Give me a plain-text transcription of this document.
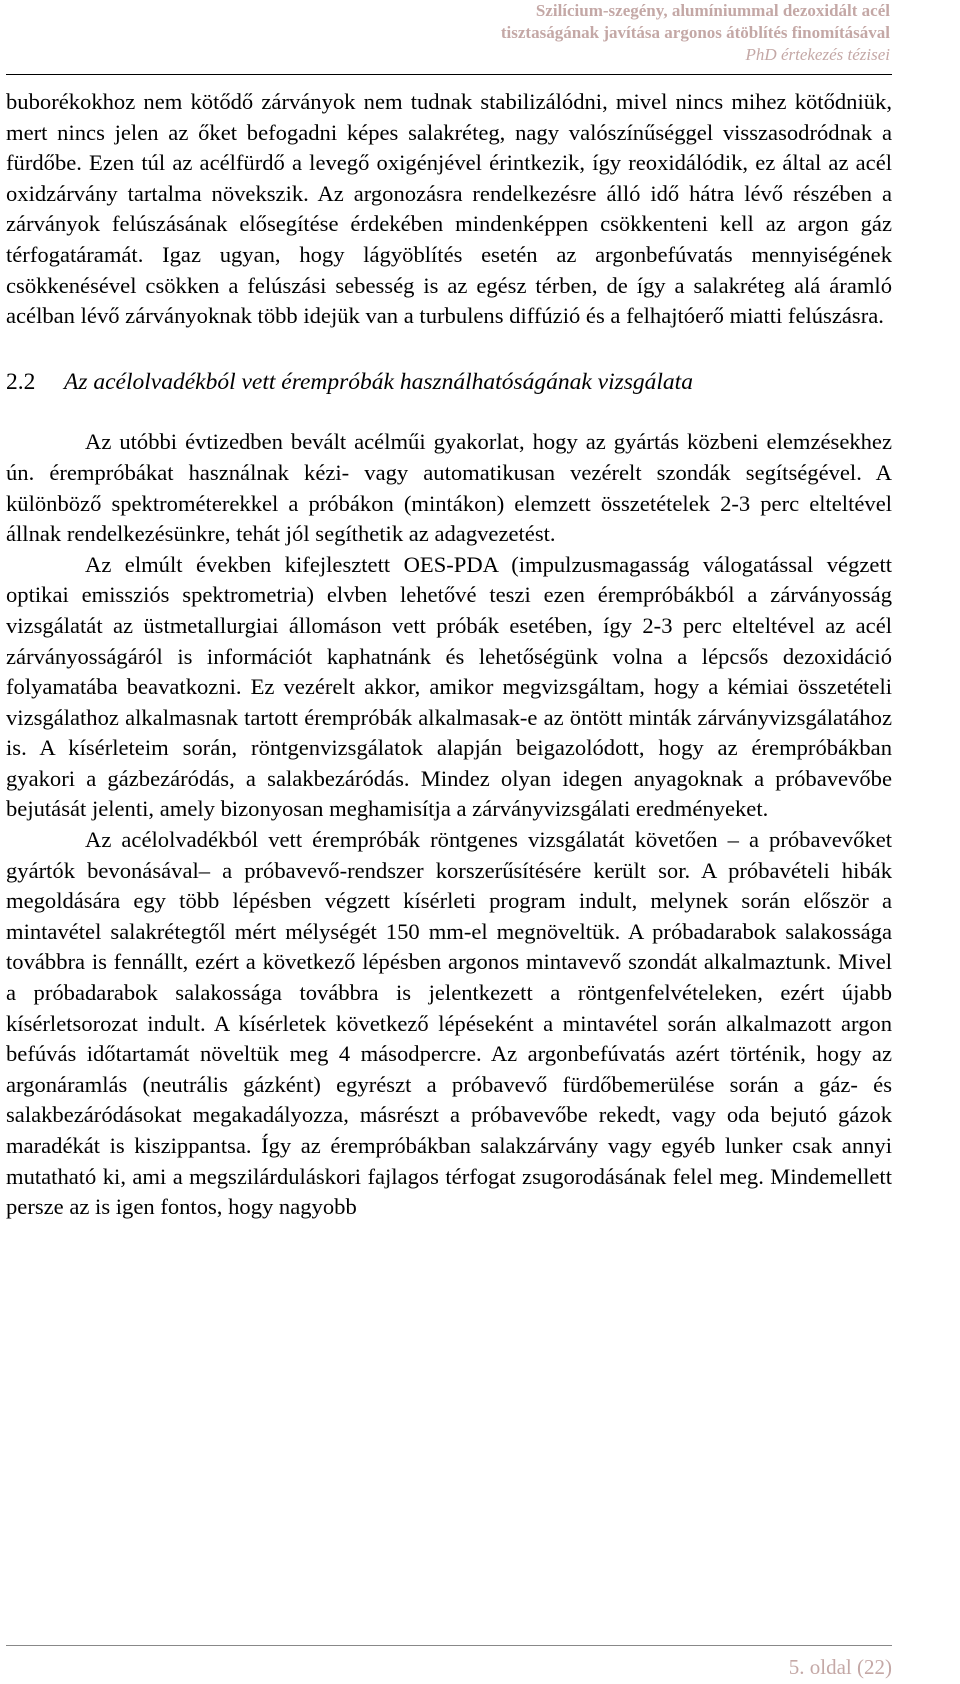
Szilícium-szegény, alumíniummal dezoxidált acél
tisztaságának javítása argonos átöblítés finomításával
PhD értekezés tézisei

buborékokhoz nem kötődő zárványok nem tudnak stabilizálódni, mivel nincs mihez kötődniük, mert nincs jelen az őket befogadni képes salakréteg, nagy valószínűséggel visszasodródnak a fürdőbe. Ezen túl az acélfürdő a levegő oxigénjével érintkezik, így reoxidálódik, ez által az acél oxidzárvány tartalma növekszik. Az argonozásra rendelkezésre álló idő hátra lévő részében a zárványok felúszásának elősegítése érdekében mindenképpen csökkenteni kell az argon gáz térfogatáramát. Igaz ugyan, hogy lágyöblítés esetén az argonbefúvatás mennyiségének csökkenésével csökken a felúszási sebesség is az egész térben, de így a salakréteg alá áramló acélban lévő zárványoknak több idejük van a turbulens diffúzió és a felhajtóerő miatti felúszásra.

2.2 Az acélolvadékból vett érempróbák használhatóságának vizsgálata

Az utóbbi évtizedben bevált acélműi gyakorlat, hogy az gyártás közbeni elemzésekhez ún. érempróbákat használnak kézi- vagy automatikusan vezérelt szondák segítségével. A különböző spektrométerekkel a próbákon (mintákon) elemzett összetételek 2-3 perc elteltével állnak rendelkezésünkre, tehát jól segíthetik az adagvezetést.

Az elmúlt években kifejlesztett OES-PDA (impulzusmagasság válogatással végzett optikai emissziós spektrometria) elvben lehetővé teszi ezen érempróbákból a zárványosság vizsgálatát az üstmetallurgiai állomáson vett próbák esetében, így 2-3 perc elteltével az acél zárványosságáról is információt kaphatnánk és lehetőségünk volna a lépcsős dezoxidáció folyamatába beavatkozni. Ez vezérelt akkor, amikor megvizsgáltam, hogy a kémiai összetételi vizsgálathoz alkalmasnak tartott érempróbák alkalmasak-e az öntött minták zárványvizsgálatához is. A kísérleteim során, röntgenvizsgálatok alapján beigazolódott, hogy az érempróbákban gyakori a gázbezáródás, a salakbezáródás. Mindez olyan idegen anyagoknak a próbavevőbe bejutását jelenti, amely bizonyosan meghamisítja a zárványvizsgálati eredményeket.

Az acélolvadékból vett érempróbák röntgenes vizsgálatát követően – a próbavevőket gyártók bevonásával– a próbavevő-rendszer korszerűsítésére került sor. A próbavételi hibák megoldására egy több lépésben végzett kísérleti program indult, melynek során először a mintavétel salakrétegtől mért mélységét 150 mm-el megnöveltük. A próbadarabok salakossága továbbra is fennállt, ezért a következő lépésben argonos mintavevő szondát alkalmaztunk. Mivel a próbadarabok salakossága továbbra is jelentkezett a röntgenfelvételeken, ezért újabb kísérletsorozat indult. A kísérletek következő lépéseként a mintavétel során alkalmazott argon befúvás időtartamát növeltük meg 4 másodpercre. Az argonbefúvatás azért történik, hogy az argonáramlás (neutrális gázként) egyrészt a próbavevő fürdőbemerülése során a gáz- és salakbezáródásokat megakadályozza, másrészt a próbavevőbe rekedt, vagy oda bejutó gázok maradékát is kiszippantsa. Így az érempróbákban salakzárvány vagy egyéb lunker csak annyi mutatható ki, ami a megszilárduláskori fajlagos térfogat zsugorodásának felel meg. Mindemellett persze az is igen fontos, hogy nagyobb

5. oldal (22)
